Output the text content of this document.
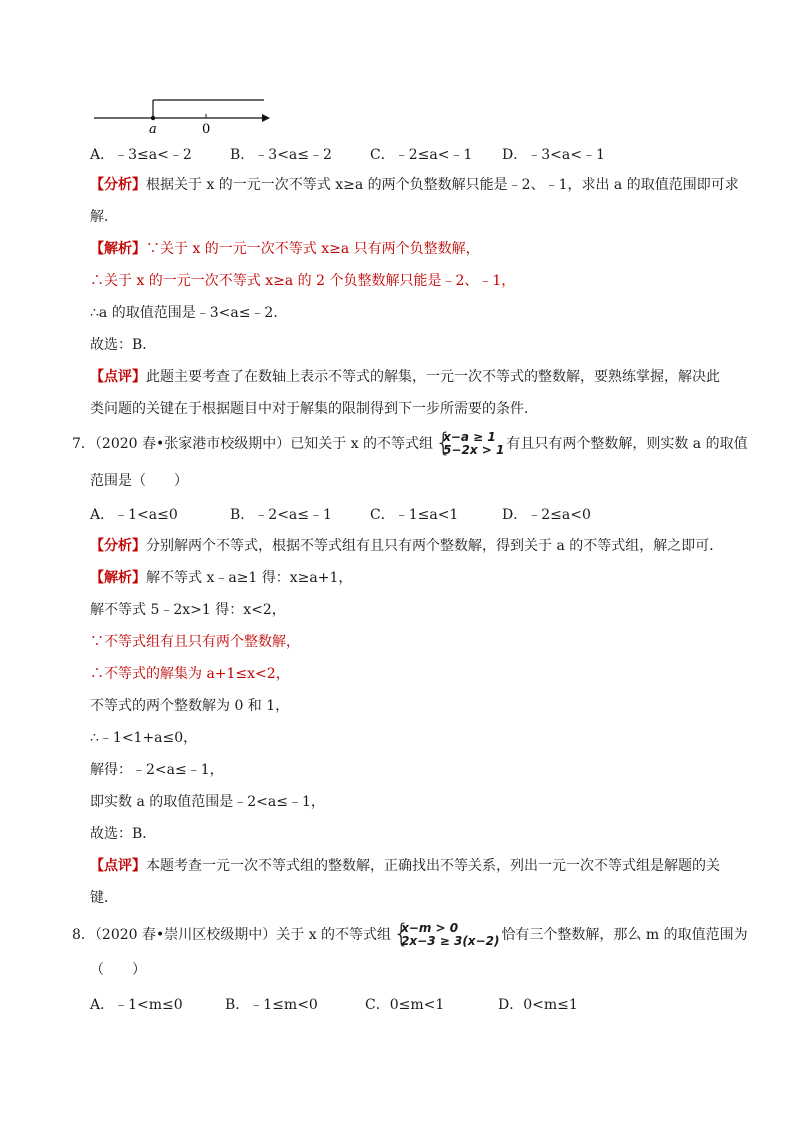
a	0
A．﹣3≤a<﹣2	B．﹣3<a≤﹣2	C．﹣2≤a<﹣1 D．﹣3<a<﹣1
【分析】根据关于 x 的一元一次不等式 x≥a 的两个负整数解只能是﹣2、﹣1，求出 a 的取值范围即可求
解．
【解析】∵关于 x 的一元一次不等式 x≥a 只有两个负整数解，
∴关于 x 的一元一次不等式 x≥a 的 2 个负整数解只能是﹣2、﹣1，
∴a 的取值范围是﹣3<a≤﹣2．
故选：B．
【点评】此题主要考查了在数轴上表示不等式的解集，一元一次不等式的整数解，要熟练掌握，解决此
类问题的关键在于根据题目中对于解集的限制得到下一步所需要的条件．
7．（2020 春•张家港市校级期中）已知关于 x 的不等式组 {
x−a ≥ 1
5−2x > 1 有且只有两个整数解，则实数 a 的取值
范围是（　　）
A．﹣1<a≤0	B．﹣2<a≤﹣1	C．﹣1≤a<1	D．﹣2≤a<0
【分析】分别解两个不等式，根据不等式组有且只有两个整数解，得到关于 a 的不等式组，解之即可．
【解析】解不等式 x﹣a≥1 得：x≥a+1，
解不等式 5﹣2x>1 得：x<2，
∵不等式组有且只有两个整数解，
∴不等式的解集为 a+1≤x<2，
不等式的两个整数解为 0 和 1，
∴﹣1<1+a≤0，
解得：﹣2<a≤﹣1，
即实数 a 的取值范围是﹣2<a≤﹣1，
故选：B．
【点评】本题考查一元一次不等式组的整数解，正确找出不等关系，列出一元一次不等式组是解题的关
键．
8．（2020 春•崇川区校级期中）关于 x 的不等式组 {
x−m > 0
2x−3 ≥ 3(x−2) 恰有三个整数解，那么 m 的取值范围为
（　　）
A．﹣1<m≤0	B．﹣1≤m<0	C．0≤m<1	D．0<m≤1
